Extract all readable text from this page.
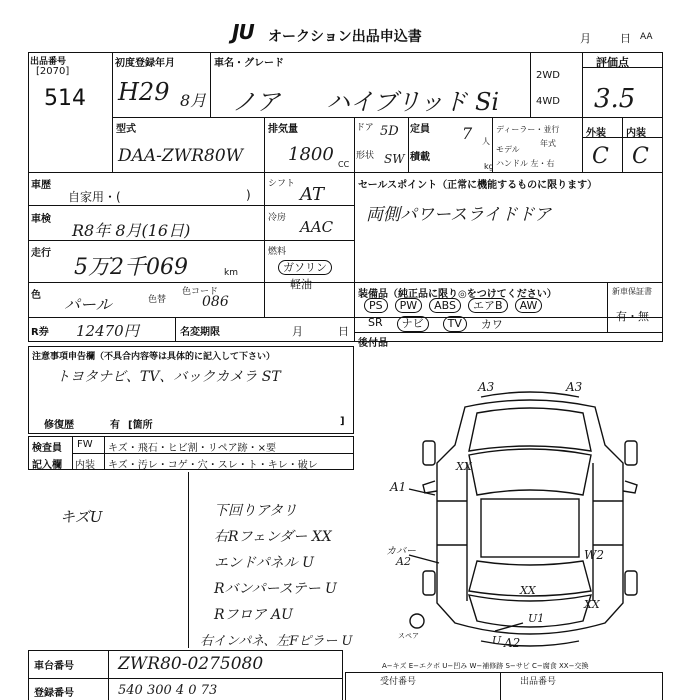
JU オークション出品申込書	月	日 AA
出品番号
[2070]
514
初度登録年月
H29 8月
車名・グレード
ノア ハイブリッド Si
2WD
4WD
評価点
3.5
型式
DAA-ZWR80W
排気量
1800 CC
ドア 5D
形状 SW
定員 7 人
積載
kg
ディーラー・並行
年式
モデル
ハンドル 左・右
外装 内装
C C
車歴
自家用・(	)
シフト AT
車検
R8年 8月(16日)
冷房 AAC
走行
5万2千069	km
燃料
ガソリン
軽油
色 パール	色替
色コード
086
R券 12470円	名変期限	月	日
セールスポイント（正常に機能するものに限ります）
両側パワースライドドア
装備品（純正品に限り◎をつけてください）
PS	PW	ABS	エアB	AW
SR	ナビ	TV	カワ
新車保証書
有・無
後付品
注意事項申告欄（不具合内容等は具体的に記入して下さい）
トヨタナビ、TV、バックカメラ ST
修復歴	有 [箇所	]
検査員
記入欄
FW キズ・飛石・ヒビ割・リペア跡・×要
内装 キズ・汚レ・コゲ・穴・スレ・ト・キレ・破レ
キズU	下回りアタリ
右Rフェンダー XX
エンドパネル U
Rバンパーステー U
Rフロア AU
右インパネ、左Fピラー U
A3	A3
XX
A1
カバー
A2	W2
XX
XX
U1
U A2
スペア
A−キズ E−エクボ U−凹み W−補修跡 S−サビ C−腐食 XX−交換
車台番号	ZWR80-0275080
登録番号	540 300 4 0 73
受付番号	出品番号
